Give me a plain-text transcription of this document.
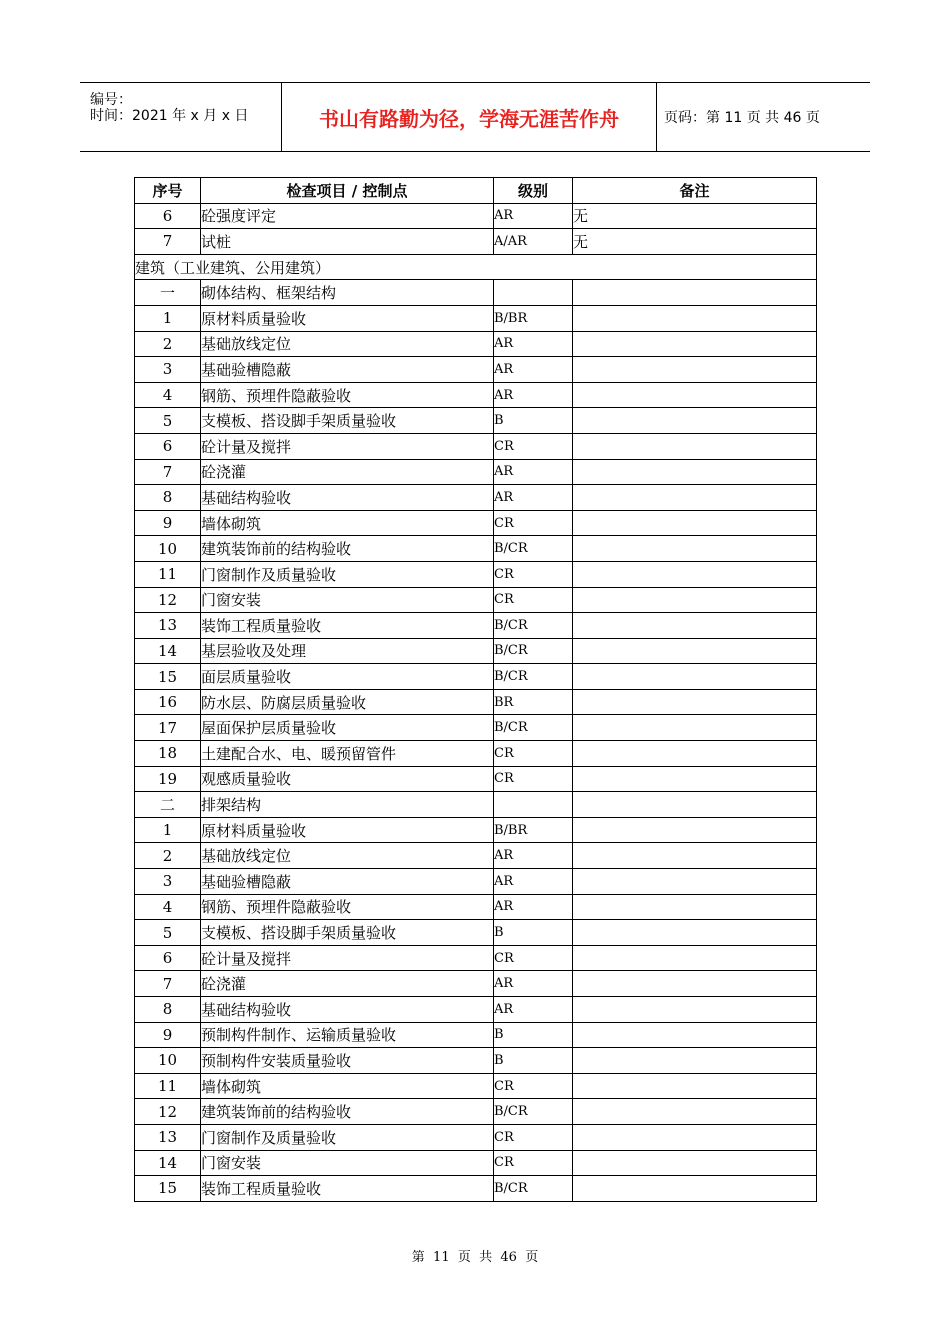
编号：
时间：2021 年 x 月 x 日	书山有路勤为径，学海无涯苦作舟	页码：第 11 页 共 46 页
序号	检查项目 / 控制点	级别	备注
6	砼强度评定	AR	无
7	试桩	A/AR	无
建筑（工业建筑、公用建筑）			
一	砌体结构、框架结构		
1	原材料质量验收	B/BR	
2	基础放线定位	AR	
3	基础验槽隐蔽	AR	
4	钢筋、预埋件隐蔽验收	AR	
5	支模板、搭设脚手架质量验收	B	
6	砼计量及搅拌	CR	
7	砼浇灌	AR	
8	基础结构验收	AR	
9	墙体砌筑	CR	
10	建筑装饰前的结构验收	B/CR	
11	门窗制作及质量验收	CR	
12	门窗安装	CR	
13	装饰工程质量验收	B/CR	
14	基层验收及处理	B/CR	
15	面层质量验收	B/CR	
16	防水层、防腐层质量验收	BR	
17	屋面保护层质量验收	B/CR	
18	土建配合水、电、暖预留管件	CR	
19	观感质量验收	CR	
二	排架结构		
1	原材料质量验收	B/BR	
2	基础放线定位	AR	
3	基础验槽隐蔽	AR	
4	钢筋、预埋件隐蔽验收	AR	
5	支模板、搭设脚手架质量验收	B	
6	砼计量及搅拌	CR	
7	砼浇灌	AR	
8	基础结构验收	AR	
9	预制构件制作、运输质量验收	B	
10	预制构件安装质量验收	B	
11	墙体砌筑	CR	
12	建筑装饰前的结构验收	B/CR	
13	门窗制作及质量验收	CR	
14	门窗安装	CR	
15	装饰工程质量验收	B/CR	
第  11  页  共  46  页
